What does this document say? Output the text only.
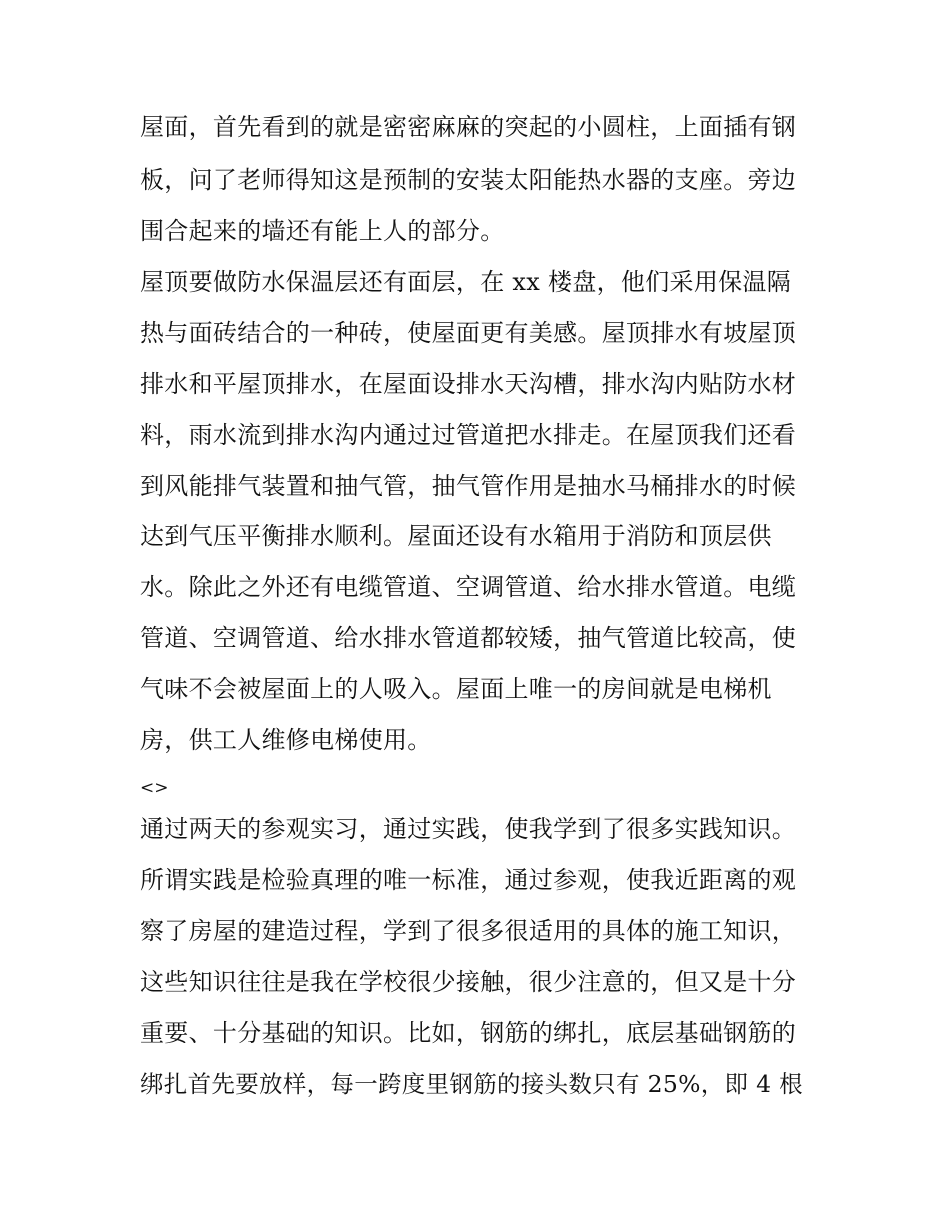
屋面，首先看到的就是密密麻麻的突起的小圆柱，上面插有钢
板，问了老师得知这是预制的安装太阳能热水器的支座。旁边
围合起来的墙还有能上人的部分。
屋顶要做防水保温层还有面层，在 xx 楼盘，他们采用保温隔
热与面砖结合的一种砖，使屋面更有美感。屋顶排水有坡屋顶
排水和平屋顶排水，在屋面设排水天沟槽，排水沟内贴防水材
料，雨水流到排水沟内通过过管道把水排走。在屋顶我们还看
到风能排气装置和抽气管，抽气管作用是抽水马桶排水的时候
达到气压平衡排水顺利。屋面还设有水箱用于消防和顶层供
水。除此之外还有电缆管道、空调管道、给水排水管道。电缆
管道、空调管道、给水排水管道都较矮，抽气管道比较高，使
气味不会被屋面上的人吸入。屋面上唯一的房间就是电梯机
房，供工人维修电梯使用。
<>
通过两天的参观实习，通过实践，使我学到了很多实践知识。
所谓实践是检验真理的唯一标准，通过参观，使我近距离的观
察了房屋的建造过程，学到了很多很适用的具体的施工知识，
这些知识往往是我在学校很少接触，很少注意的，但又是十分
重要、十分基础的知识。比如，钢筋的绑扎，底层基础钢筋的
绑扎首先要放样，每一跨度里钢筋的接头数只有 25%，即 4 根
